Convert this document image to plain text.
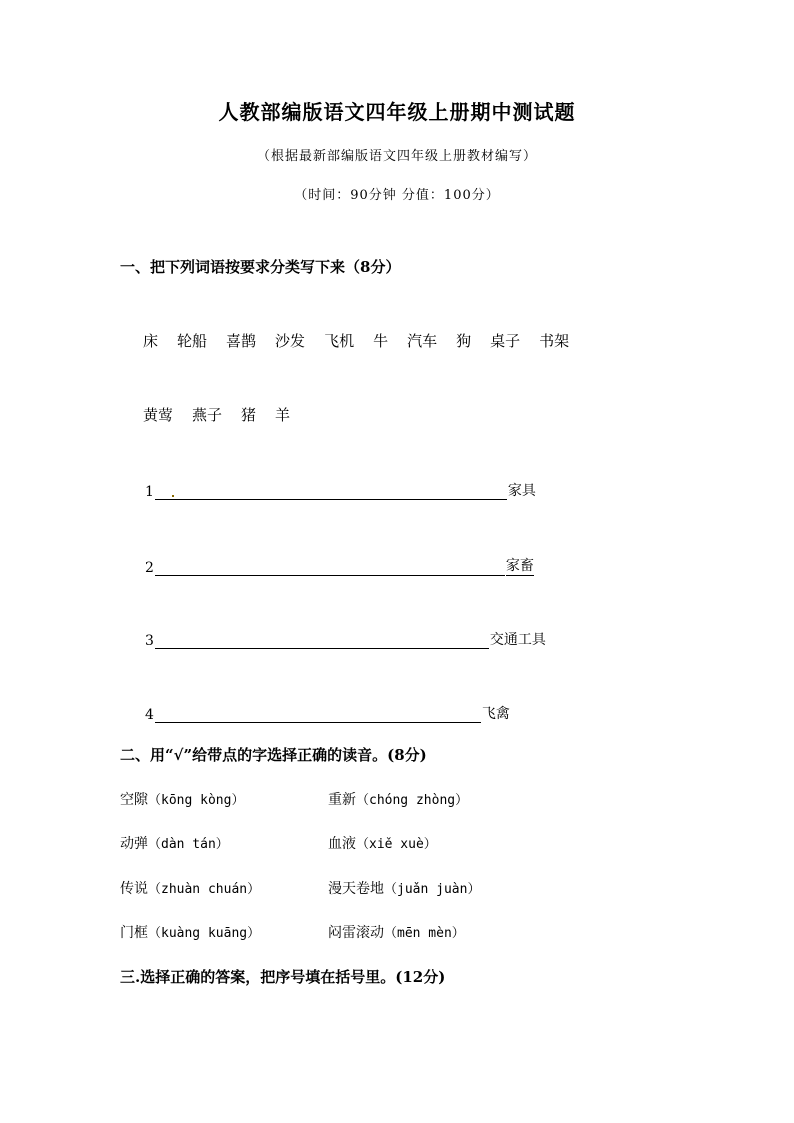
人教部编版语文四年级上册期中测试题
（根据最新部编版语文四年级上册教材编写）
（时间：90分钟 分值：100分）
一、把下列词语按要求分类写下来（8分）
床 轮船 喜鹊 沙发 飞机 牛 汽车 狗 桌子 书架
黄莺 燕子 猪 羊
1	家具
2	家畜
3	交通工具
4	飞禽
二、用“√”给带点的字选择正确的读音。(8分)
空隙（kōng kòng）	重新（chóng zhòng）
动弹（dàn tán）	血液（xiě xuè）
传说（zhuàn chuán）	漫天卷地（juǎn juàn）
门框（kuàng kuāng）	闷雷滚动（mēn mèn）
三.选择正确的答案，把序号填在括号里。(12分)
